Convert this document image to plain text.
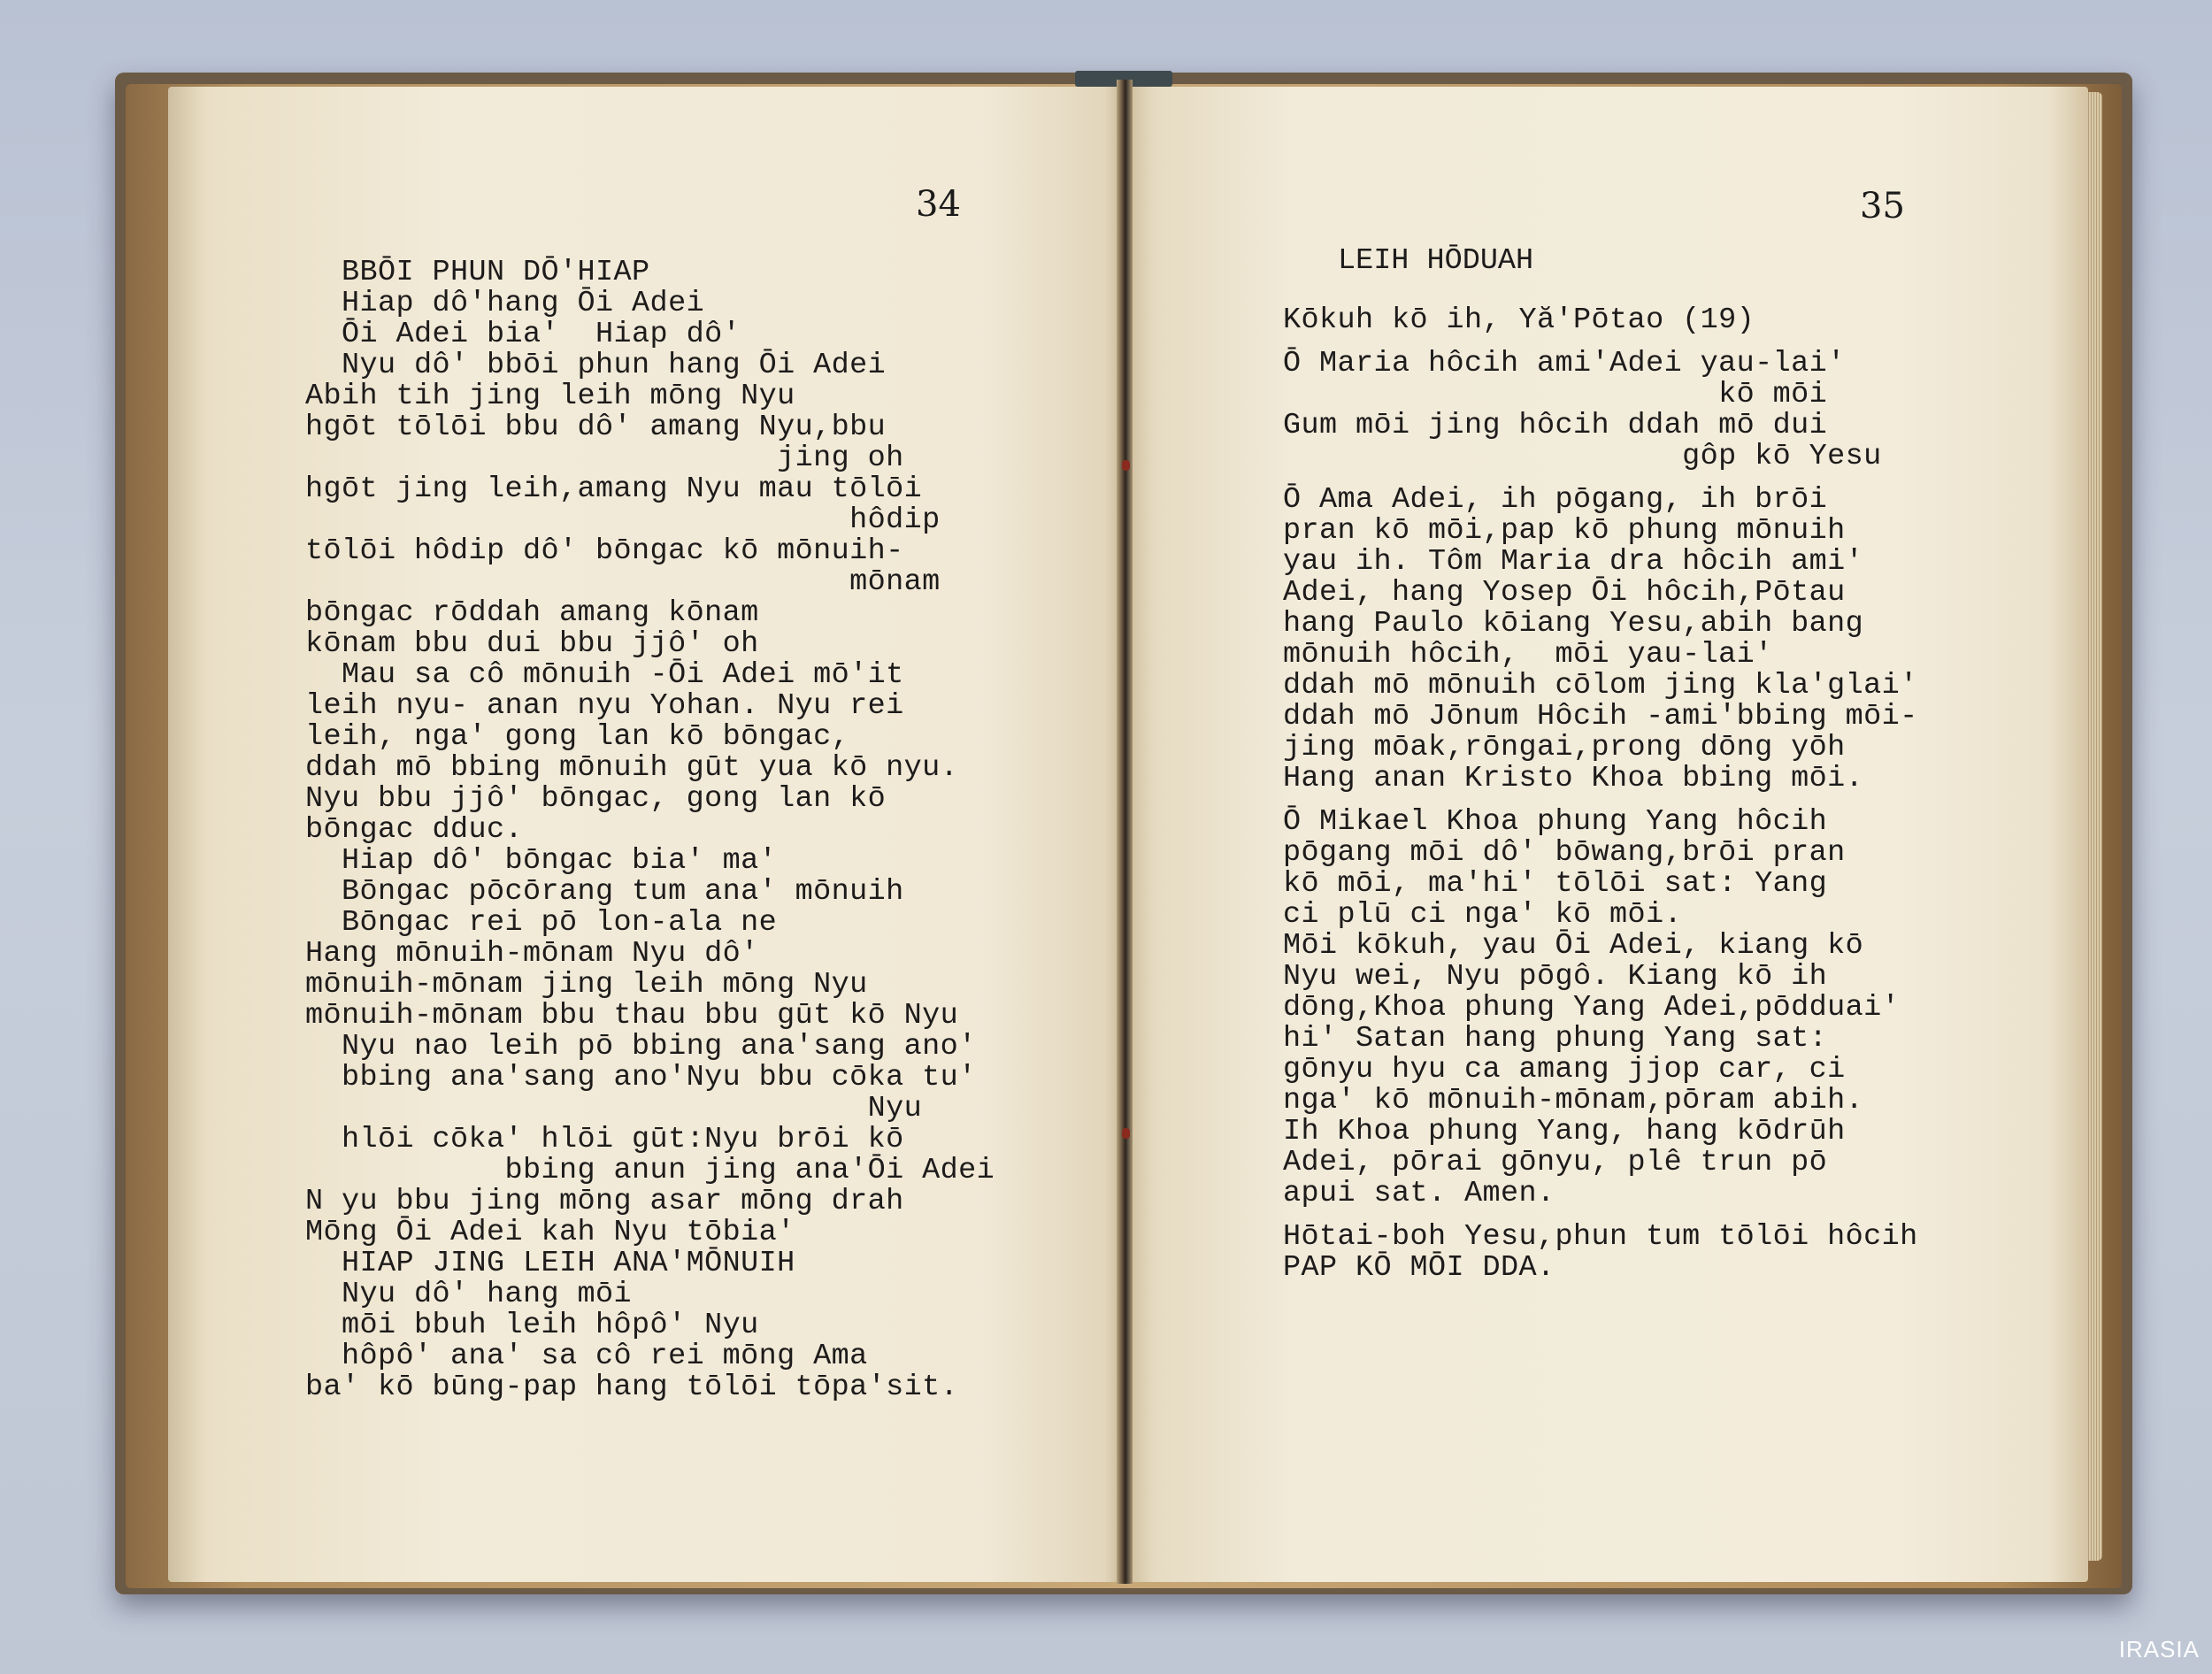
34
BBŌI PHUN DŌ'HIAP
Hiap dô'hang Ōi Adei
Ōi Adei bia'  Hiap dô'
Nyu dô' bbōi phun hang Ōi Adei
Abih tih jing leih mōng Nyu
hgōt tōlōi bbu dô' amang Nyu,bbu
jing oh
hgōt jing leih,amang Nyu mau tōlōi
hôdip
tōlōi hôdip dô' bōngac kō mōnuih-
mōnam
bōngac rōddah amang kōnam
kōnam bbu dui bbu jjô' oh
Mau sa cô mōnuih -Ōi Adei mō'it
leih nyu- anan nyu Yohan. Nyu rei
leih, nga' gong lan kō bōngac,
ddah mō bbing mōnuih gūt yua kō nyu.
Nyu bbu jjô' bōngac, gong lan kō
bōngac dduc.
Hiap dô' bōngac bia' ma'
Bōngac pōcōrang tum ana' mōnuih
Bōngac rei pō lon-ala ne
Hang mōnuih-mōnam Nyu dô'
mōnuih-mōnam jing leih mōng Nyu
mōnuih-mōnam bbu thau bbu gūt kō Nyu
Nyu nao leih pō bbing ana'sang ano'
bbing ana'sang ano'Nyu bbu cōka tu'
Nyu
hlōi cōka' hlōi gūt:Nyu brōi kō
bbing anun jing ana'Ōi Adei
N yu bbu jing mōng asar mōng drah
Mōng Ōi Adei kah Nyu tōbia'
HIAP JING LEIH ANA'MŌNUIH
Nyu dô' hang mōi
mōi bbuh leih hôpô' Nyu
hôpô' ana' sa cô rei mōng Ama
ba' kō būng-pap hang tōlōi tōpa'sit.
35
LEIH HŌDUAH
Kōkuh kō ih, Yă'Pōtao (19)
Ō Maria hôcih ami'Adei yau-lai'
kō mōi
Gum mōi jing hôcih ddah mō dui
gôp kō Yesu
Ō Ama Adei, ih pōgang, ih brōi
pran kō mōi,pap kō phung mōnuih
yau ih. Tôm Maria dra hôcih ami'
Adei, hang Yosep Ōi hôcih,Pōtau
hang Paulo kōiang Yesu,abih bang
mōnuih hôcih,  mōi yau-lai'
ddah mō mōnuih cōlom jing kla'glai'
ddah mō Jōnum Hôcih -ami'bbing mōi-
jing mōak,rōngai,prong dōng yōh
Hang anan Kristo Khoa bbing mōi.
Ō Mikael Khoa phung Yang hôcih
pōgang mōi dô' bōwang,brōi pran
kō mōi, ma'hi' tōlōi sat: Yang
ci plū ci nga' kō mōi.
Mōi kōkuh, yau Ōi Adei, kiang kō
Nyu wei, Nyu pōgô. Kiang kō ih
dōng,Khoa phung Yang Adei,pōdduai'
hi' Satan hang phung Yang sat:
gōnyu hyu ca amang jjop car, ci
nga' kō mōnuih-mōnam,pōram abih.
Ih Khoa phung Yang, hang kōdrūh
Adei, pōrai gōnyu, plê trun pō
apui sat. Amen.
Hōtai-boh Yesu,phun tum tōlōi hôcih
PAP KŌ MŌI DDA.
IRASIA
